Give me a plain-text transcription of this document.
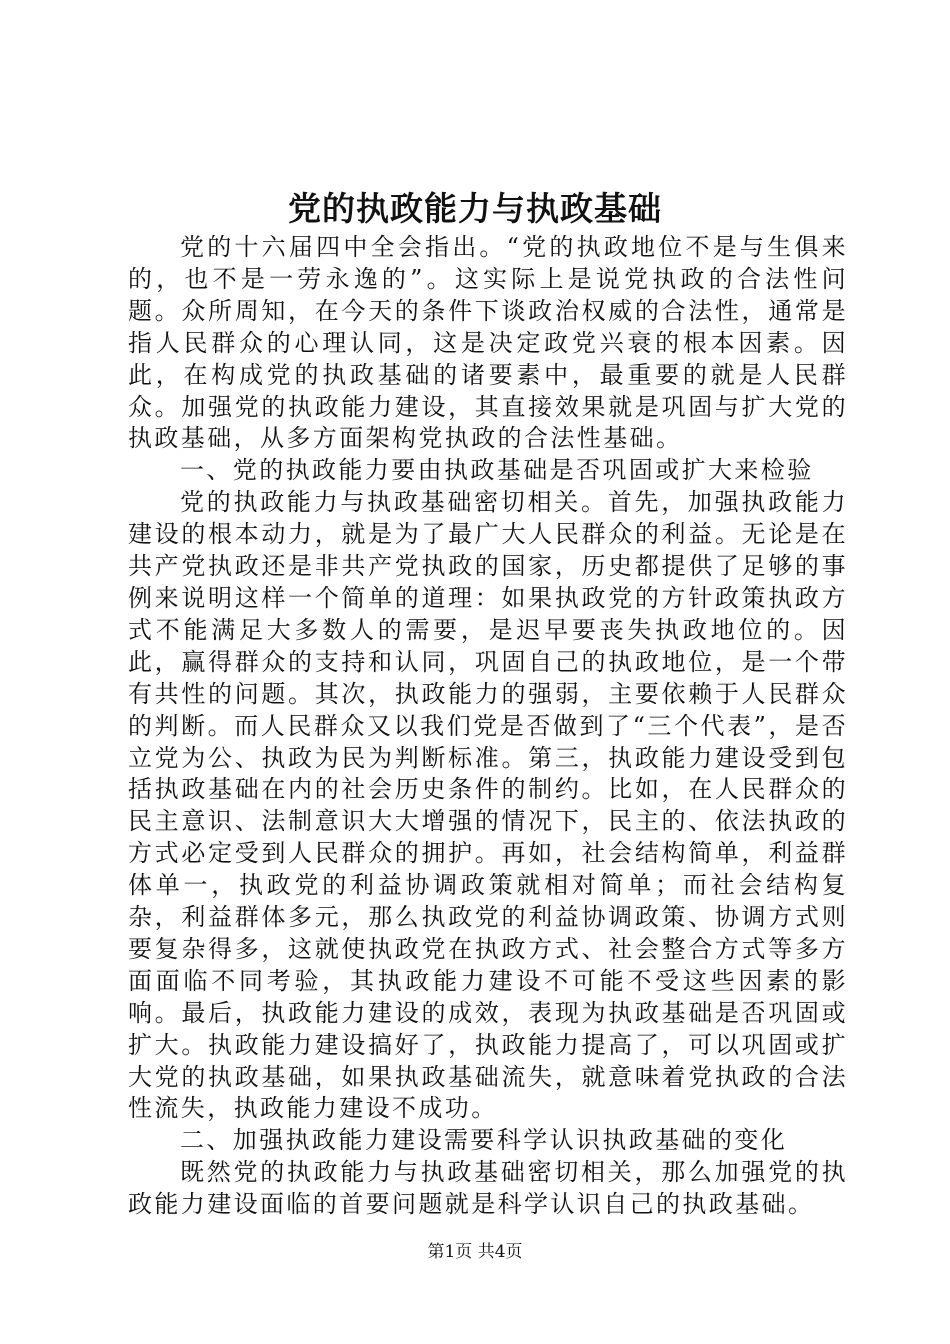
党的执政能力与执政基础

党的十六届四中全会指出。“党的执政地位不是与生俱来的，也不是一劳永逸的”。这实际上是说党执政的合法性问题。众所周知，在今天的条件下谈政治权威的合法性，通常是指人民群众的心理认同，这是决定政党兴衰的根本因素。因此，在构成党的执政基础的诸要素中，最重要的就是人民群众。加强党的执政能力建设，其直接效果就是巩固与扩大党的执政基础，从多方面架构党执政的合法性基础。

一、党的执政能力要由执政基础是否巩固或扩大来检验

党的执政能力与执政基础密切相关。首先，加强执政能力建设的根本动力，就是为了最广大人民群众的利益。无论是在共产党执政还是非共产党执政的国家，历史都提供了足够的事例来说明这样一个简单的道理：如果执政党的方针政策执政方式不能满足大多数人的需要，是迟早要丧失执政地位的。因此，赢得群众的支持和认同，巩固自己的执政地位，是一个带有共性的问题。其次，执政能力的强弱，主要依赖于人民群众的判断。而人民群众又以我们党是否做到了“三个代表”，是否立党为公、执政为民为判断标准。第三，执政能力建设受到包括执政基础在内的社会历史条件的制约。比如，在人民群众的民主意识、法制意识大大增强的情况下，民主的、依法执政的方式必定受到人民群众的拥护。再如，社会结构简单，利益群体单一，执政党的利益协调政策就相对简单；而社会结构复杂，利益群体多元，那么执政党的利益协调政策、协调方式则要复杂得多，这就使执政党在执政方式、社会整合方式等多方面面临不同考验，其执政能力建设不可能不受这些因素的影响。最后，执政能力建设的成效，表现为执政基础是否巩固或扩大。执政能力建设搞好了，执政能力提高了，可以巩固或扩大党的执政基础，如果执政基础流失，就意味着党执政的合法性流失，执政能力建设不成功。

二、加强执政能力建设需要科学认识执政基础的变化

既然党的执政能力与执政基础密切相关，那么加强党的执政能力建设面临的首要问题就是科学认识自己的执政基础。

第1页 共4页
